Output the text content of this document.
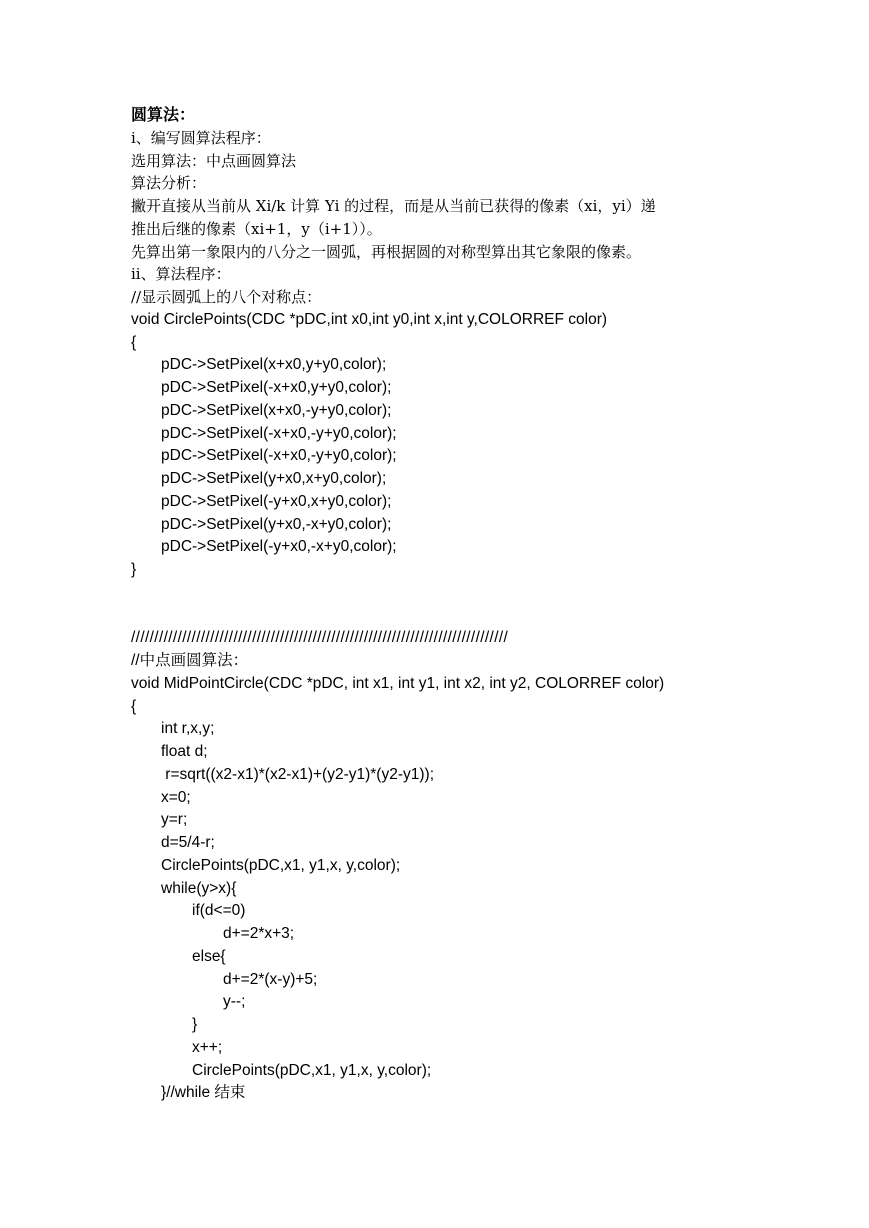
圆算法：
i、编写圆算法程序：
选用算法：中点画圆算法
算法分析：
撇开直接从当前从 Xi/k 计算 Yi 的过程，而是从当前已获得的像素（xi，yi）递
推出后继的像素（xi+1，y（i+1））。
先算出第一象限内的八分之一圆弧，再根据圆的对称型算出其它象限的像素。
ii、算法程序：
//显示圆弧上的八个对称点：
void CirclePoints(CDC *pDC,int x0,int y0,int x,int y,COLORREF color)
{
pDC->SetPixel(x+x0,y+y0,color);
pDC->SetPixel(-x+x0,y+y0,color);
pDC->SetPixel(x+x0,-y+y0,color);
pDC->SetPixel(-x+x0,-y+y0,color);
pDC->SetPixel(-x+x0,-y+y0,color);
pDC->SetPixel(y+x0,x+y0,color);
pDC->SetPixel(-y+x0,x+y0,color);
pDC->SetPixel(y+x0,-x+y0,color);
pDC->SetPixel(-y+x0,-x+y0,color);
}
/////////////////////////////////////////////////////////////////////////////////
//中点画圆算法：
void MidPointCircle(CDC *pDC, int x1, int y1, int x2, int y2, COLORREF color)
{
int r,x,y;
float d;
r=sqrt((x2-x1)*(x2-x1)+(y2-y1)*(y2-y1));
x=0;
y=r;
d=5/4-r;
CirclePoints(pDC,x1, y1,x, y,color);
while(y>x){
if(d<=0)
d+=2*x+3;
else{
d+=2*(x-y)+5;
y--;
}
x++;
CirclePoints(pDC,x1, y1,x, y,color);
}//while 结束
